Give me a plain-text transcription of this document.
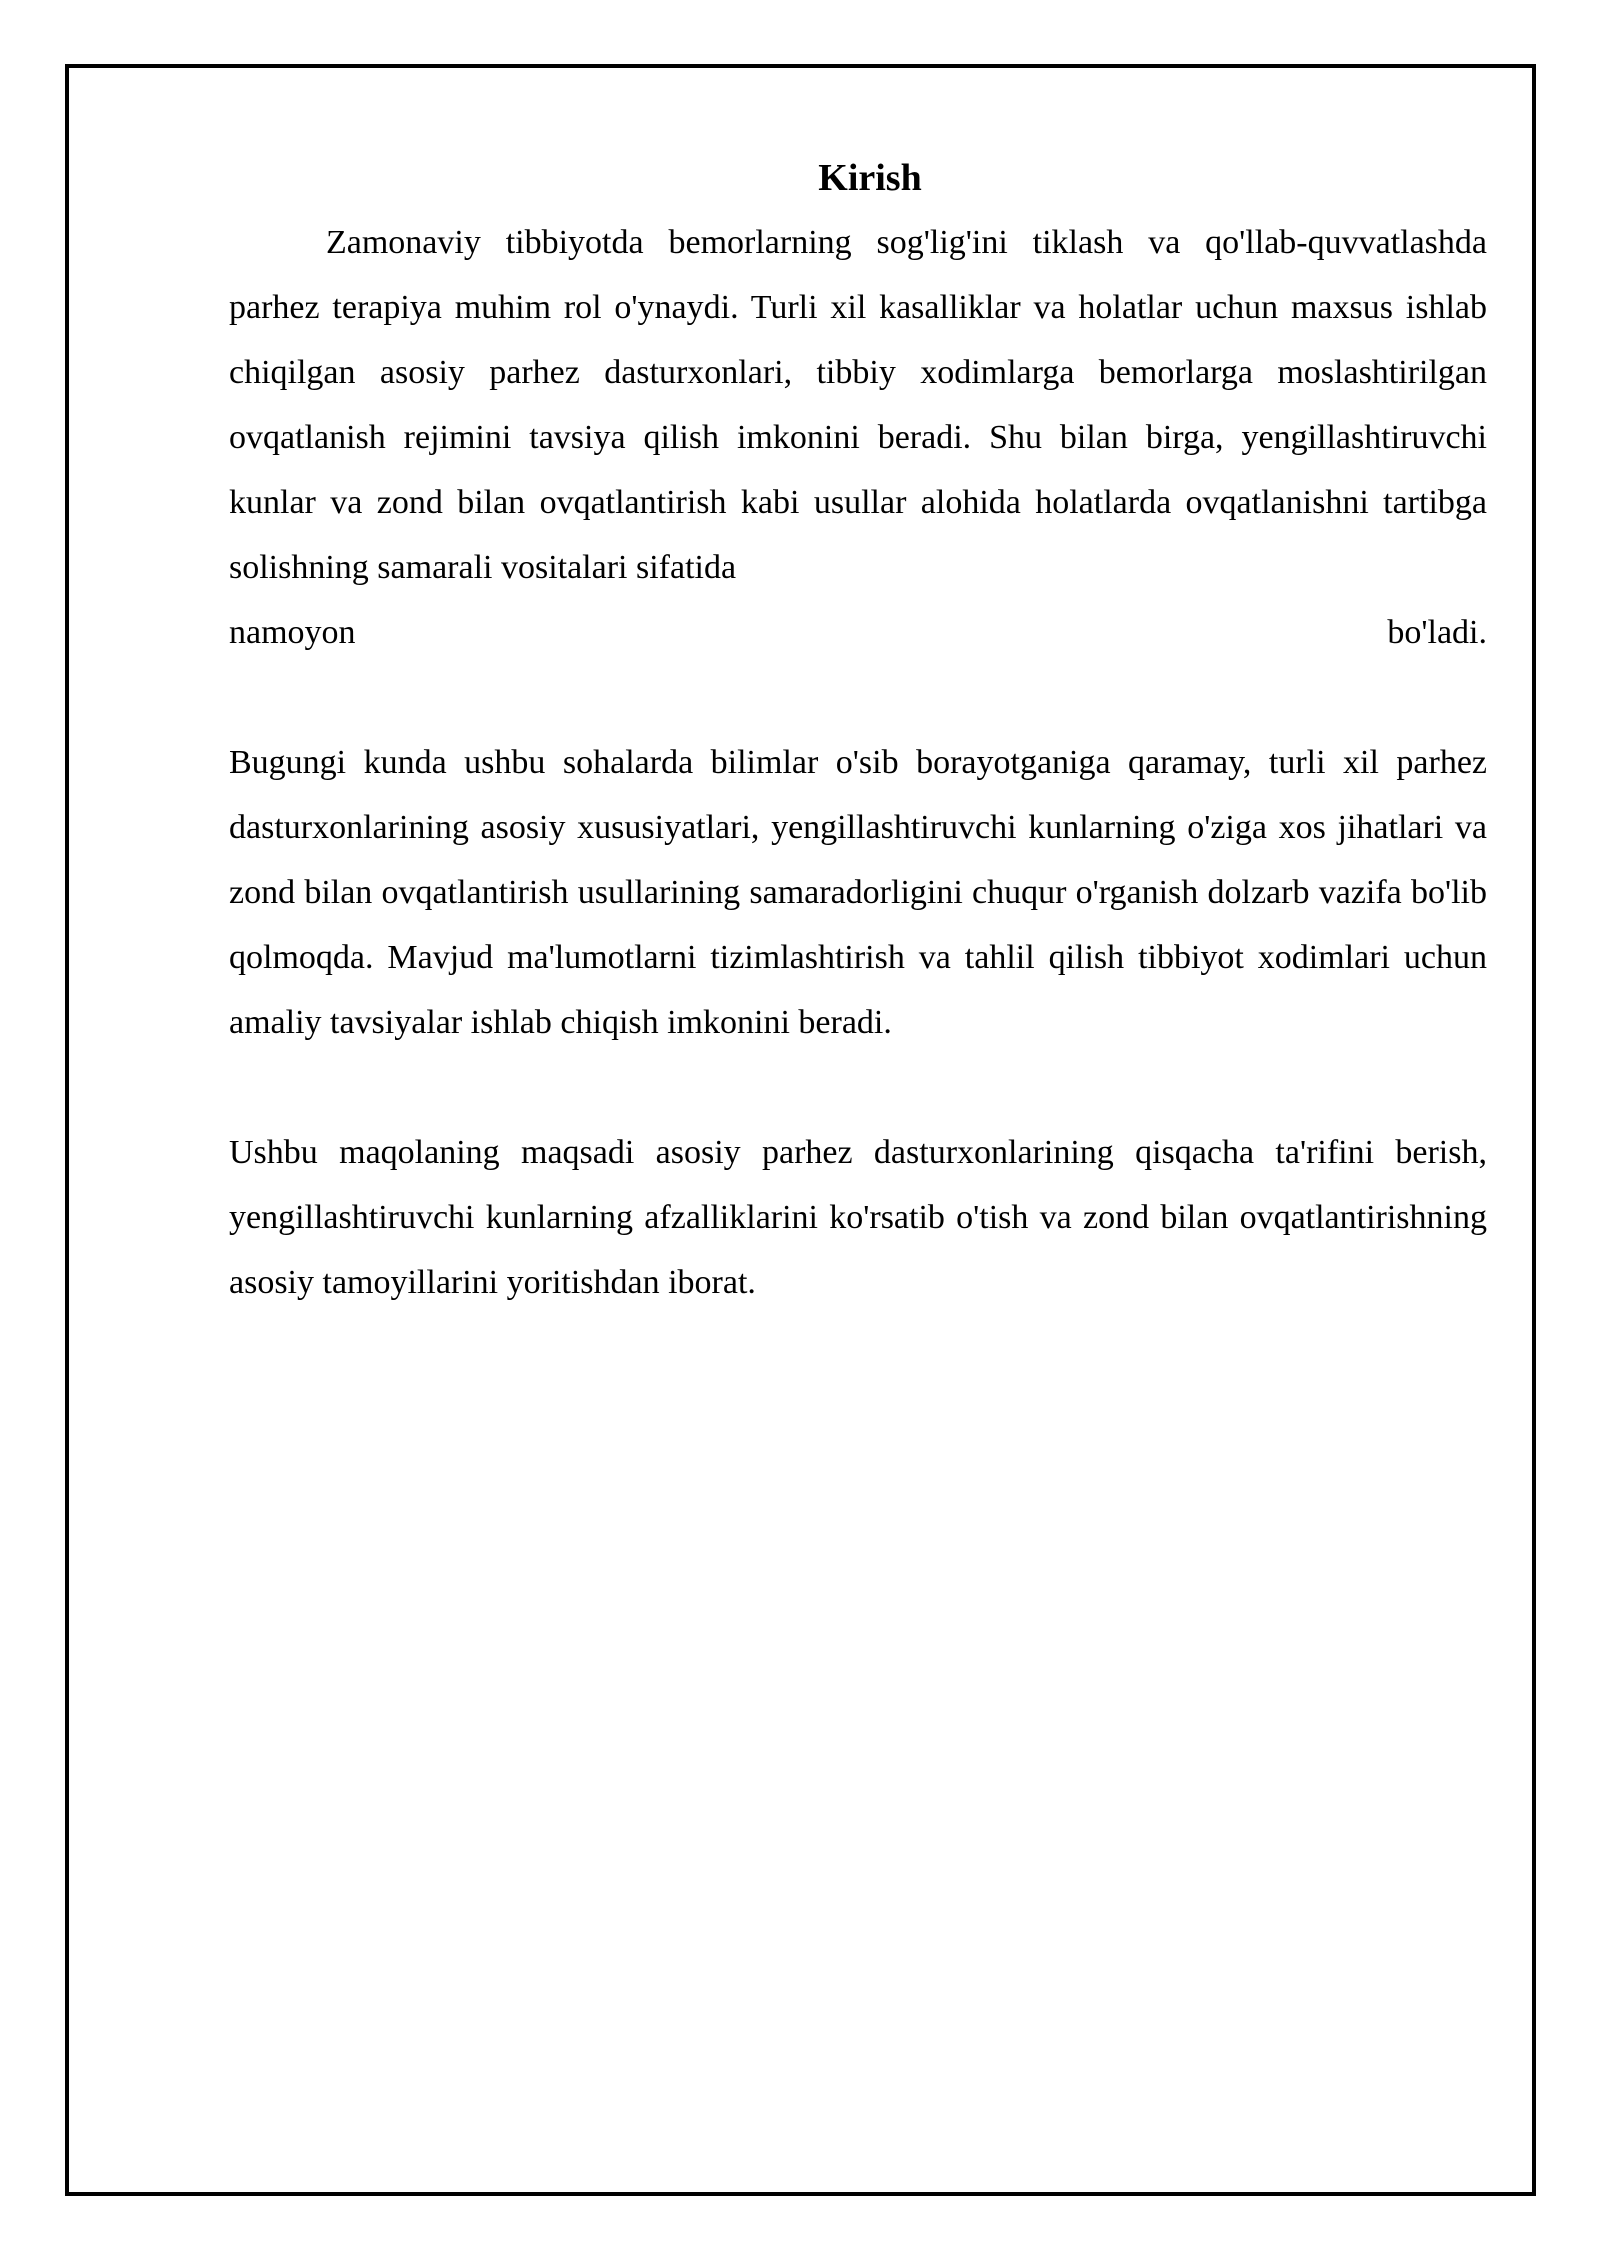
Kirish

Zamonaviy tibbiyotda bemorlarning sog'lig'ini tiklash va qo'llab-quvvatlashda parhez terapiya muhim rol o'ynaydi. Turli xil kasalliklar va holatlar uchun maxsus ishlab chiqilgan asosiy parhez dasturxonlari, tibbiy xodimlarga bemorlarga moslashtirilgan ovqatlanish rejimini tavsiya qilish imkonini beradi. Shu bilan birga, yengillashtiruvchi kunlar va zond bilan ovqatlantirish kabi usullar alohida holatlarda ovqatlanishni tartibga solishning samarali vositalari sifatida

namoyon	bo'ladi.

Bugungi kunda ushbu sohalarda bilimlar o'sib borayotganiga qaramay, turli xil parhez dasturxonlarining asosiy xususiyatlari, yengillashtiruvchi kunlarning o'ziga xos jihatlari va zond bilan ovqatlantirish usullarining samaradorligini chuqur o'rganish dolzarb vazifa bo'lib qolmoqda. Mavjud ma'lumotlarni tizimlashtirish va tahlil qilish tibbiyot xodimlari uchun amaliy tavsiyalar ishlab chiqish imkonini beradi.

Ushbu maqolaning maqsadi asosiy parhez dasturxonlarining qisqacha ta'rifini berish, yengillashtiruvchi kunlarning afzalliklarini ko'rsatib o'tish va zond bilan ovqatlantirishning asosiy tamoyillarini yoritishdan iborat.
